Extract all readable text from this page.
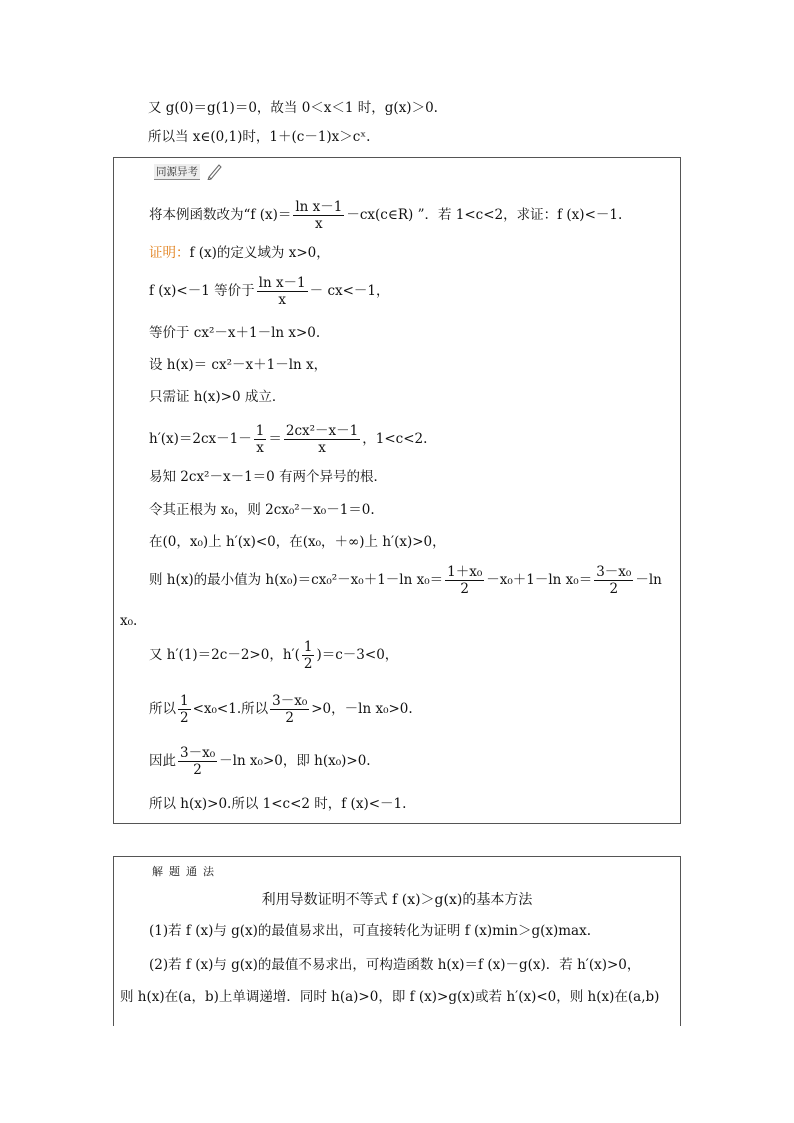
又 g(0)＝g(1)＝0，故当 0＜x＜1 时，g(x)＞0.
所以当 x∈(0,1)时，1＋(c－1)x＞cˣ.
同源异考
将本例函数改为“f $(x)= \frac{\text{ln x－1}}{x}$ －cx(c∈R) ”．若 1<c<2，求证：f (x)<－1.
证明：f (x)的定义域为 x>0，
f (x)<－1 等价于 $\frac{\text{ln x－1}}{x} - cx<-1$，
等价于 cx²－x＋1－ln x>0.
设 h(x)＝ cx²－x＋1－ln x，
只需证 h(x)>0 成立．
$h'(x)=2cx-1- \frac{1}{x} = \frac{\text{2cx²－x－1}}{x}$ ，1<c<2.
易知 2cx²－x－1＝0 有两个异号的根．
令其正根为 x₀，则 2cx₀²－x₀－1＝0.
在(0，x₀)上 h′(x)<0，在(x₀，＋∞)上 h′(x)>0，
则 h(x)的最小值为 h(x₀)＝cx₀²－x₀＋1－ln $x_0= \frac{\text{1＋x₀}}{2} -x_0+1-\ln$ $x_0= \frac{\text{3－x₀}}{2} -\ln$
x₀.
又 h′(1)＝2c－2>0，$h'( \frac{1}{2} )=c-3<0$，
所以 $\frac{1}{2} <x_0<1$.所以 $\frac{\text{3－x₀}}{2} >0$，－ln x₀>0.
因此 $\frac{\text{3－x₀}}{2} -\ln$ x₀>0，即 h(x₀)>0.
所以 h(x)>0.所以 1<c<2 时，f (x)<－1.
解题通法
利用导数证明不等式 f (x)＞g(x)的基本方法
(1)若 f (x)与 g(x)的最值易求出，可直接转化为证明 f (x)min＞g(x)max.
(2)若 f (x)与 g(x)的最值不易求出，可构造函数 h(x)＝f (x)－g(x)．若 h′(x)>0，
则 h(x)在(a，b)上单调递增．同时 h(a)>0，即 f (x)>g(x)或若 h′(x)<0，则 h(x)在(a,b)
